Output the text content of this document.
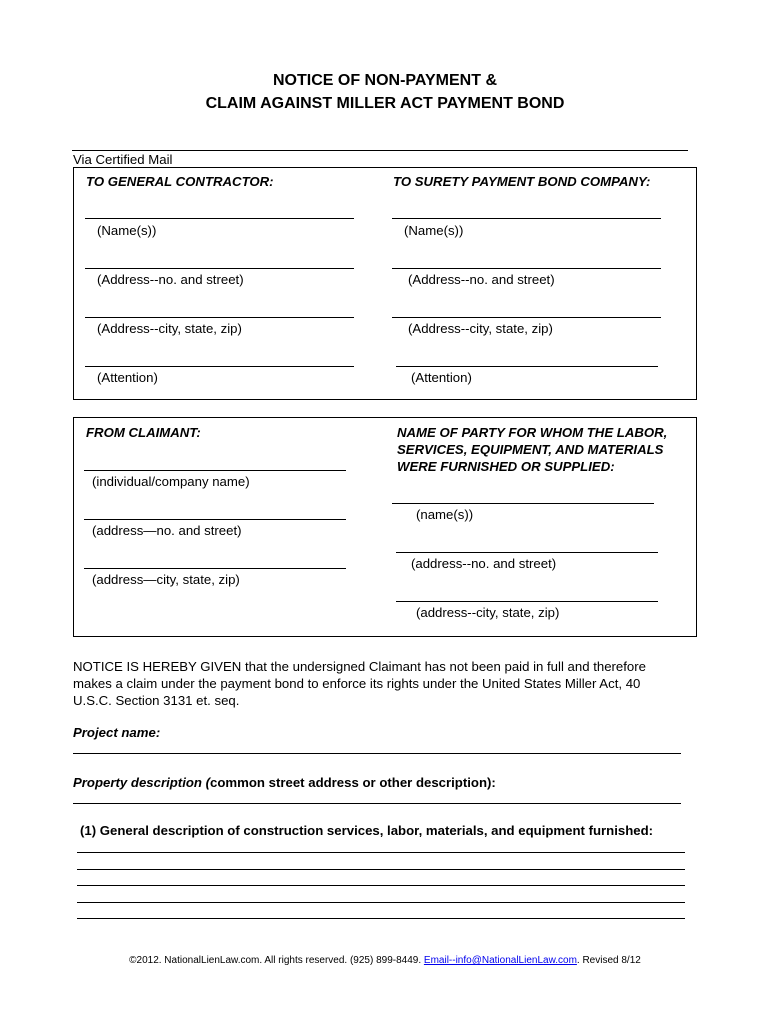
NOTICE OF NON-PAYMENT &
CLAIM AGAINST MILLER ACT PAYMENT BOND
Via Certified Mail
TO GENERAL CONTRACTOR:	TO SURETY PAYMENT BOND COMPANY:
(Name(s))
(Address--no. and street)
(Address--city, state, zip)
(Attention)
(Name(s))
(Address--no. and street)
(Address--city, state, zip)
(Attention)
FROM CLAIMANT:	NAME OF PARTY FOR WHOM THE LABOR,
SERVICES, EQUIPMENT, AND MATERIALS
WERE FURNISHED OR SUPPLIED:
(individual/company name)
(address—no. and street)
(address—city, state, zip)
(name(s))
(address--no. and street)
(address--city, state, zip)
NOTICE IS HEREBY GIVEN that the undersigned Claimant has not been paid in full and therefore
makes a claim under the payment bond to enforce its rights under the United States Miller Act, 40
U.S.C. Section 3131 et. seq.
Project name:
Property description (common street address or other description):
(1) General description of construction services, labor, materials, and equipment furnished:
©2012. NationalLienLaw.com. All rights reserved. (925) 899-8449. Email--info@NationalLienLaw.com. Revised 8/12
